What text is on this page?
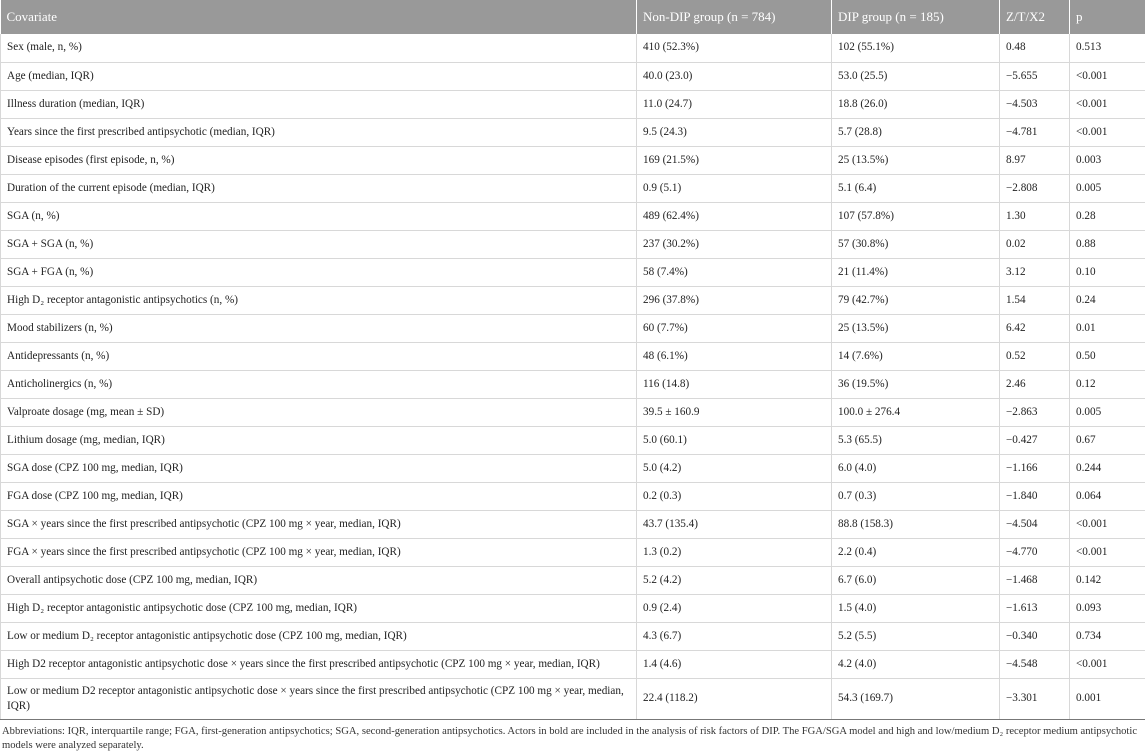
Covariate	Non-DIP group (n = 784)	DIP group (n = 185)	Z/T/X2	p
Sex (male, n, %)	410 (52.3%)	102 (55.1%)	0.48	0.513
Age (median, IQR)	40.0 (23.0)	53.0 (25.5)	−5.655	<0.001
Illness duration (median, IQR)	11.0 (24.7)	18.8 (26.0)	−4.503	<0.001
Years since the first prescribed antipsychotic (median, IQR)	9.5 (24.3)	5.7 (28.8)	−4.781	<0.001
Disease episodes (first episode, n, %)	169 (21.5%)	25 (13.5%)	8.97	0.003
Duration of the current episode (median, IQR)	0.9 (5.1)	5.1 (6.4)	−2.808	0.005
SGA (n, %)	489 (62.4%)	107 (57.8%)	1.30	0.28
SGA + SGA (n, %)	237 (30.2%)	57 (30.8%)	0.02	0.88
SGA + FGA (n, %)	58 (7.4%)	21 (11.4%)	3.12	0.10
High D₂ receptor antagonistic antipsychotics (n, %)	296 (37.8%)	79 (42.7%)	1.54	0.24
Mood stabilizers (n, %)	60 (7.7%)	25 (13.5%)	6.42	0.01
Antidepressants (n, %)	48 (6.1%)	14 (7.6%)	0.52	0.50
Anticholinergics (n, %)	116 (14.8)	36 (19.5%)	2.46	0.12
Valproate dosage (mg, mean ± SD)	39.5 ± 160.9	100.0 ± 276.4	−2.863	0.005
Lithium dosage (mg, median, IQR)	5.0 (60.1)	5.3 (65.5)	−0.427	0.67
SGA dose (CPZ 100 mg, median, IQR)	5.0 (4.2)	6.0 (4.0)	−1.166	0.244
FGA dose (CPZ 100 mg, median, IQR)	0.2 (0.3)	0.7 (0.3)	−1.840	0.064
SGA × years since the first prescribed antipsychotic (CPZ 100 mg × year, median, IQR)	43.7 (135.4)	88.8 (158.3)	−4.504	<0.001
FGA × years since the first prescribed antipsychotic (CPZ 100 mg × year, median, IQR)	1.3 (0.2)	2.2 (0.4)	−4.770	<0.001
Overall antipsychotic dose (CPZ 100 mg, median, IQR)	5.2 (4.2)	6.7 (6.0)	−1.468	0.142
High D₂ receptor antagonistic antipsychotic dose (CPZ 100 mg, median, IQR)	0.9 (2.4)	1.5 (4.0)	−1.613	0.093
Low or medium D₂ receptor antagonistic antipsychotic dose (CPZ 100 mg, median, IQR)	4.3 (6.7)	5.2 (5.5)	−0.340	0.734
High D2 receptor antagonistic antipsychotic dose × years since the first prescribed antipsychotic (CPZ 100 mg × year, median, IQR)	1.4 (4.6)	4.2 (4.0)	−4.548	<0.001
Low or medium D2 receptor antagonistic antipsychotic dose × years since the first prescribed antipsychotic (CPZ 100 mg × year, median, IQR)	22.4 (118.2)	54.3 (169.7)	−3.301	0.001
Abbreviations: IQR, interquartile range; FGA, first-generation antipsychotics; SGA, second-generation antipsychotics. Actors in bold are included in the analysis of risk factors of DIP. The FGA/SGA model and high and low/medium D₂ receptor medium antipsychotic models were analyzed separately.
